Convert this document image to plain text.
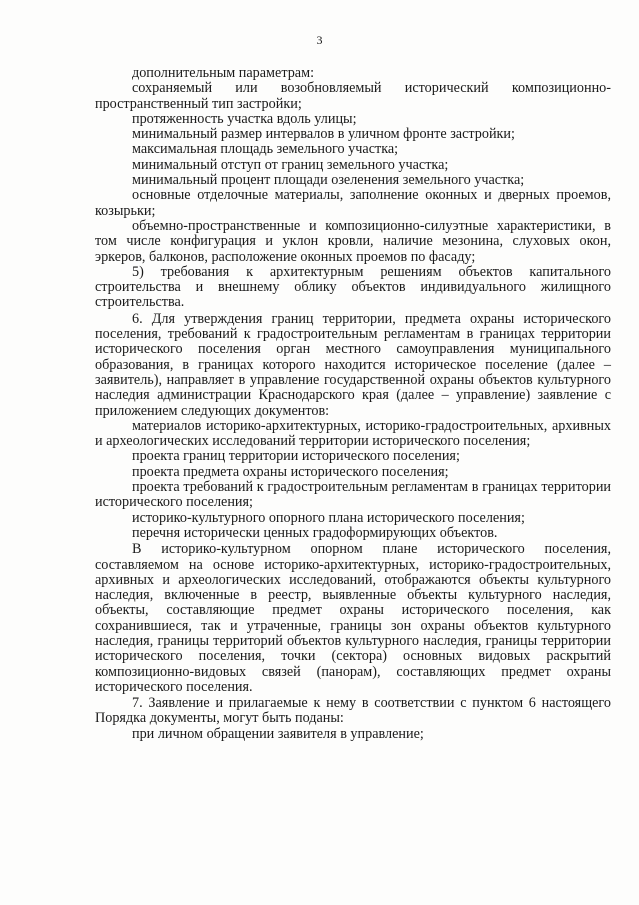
3

дополнительным параметрам:

сохраняемый или возобновляемый исторический композиционно-пространственный тип застройки;

протяженность участка вдоль улицы;

минимальный размер интервалов в уличном фронте застройки;

максимальная площадь земельного участка;

минимальный отступ от границ земельного участка;

минимальный процент площади озеленения земельного участка;

основные отделочные материалы, заполнение оконных и дверных проемов, козырьки;

объемно-пространственные и композиционно-силуэтные характеристики, в том числе конфигурация и уклон кровли, наличие мезонина, слуховых окон, эркеров, балконов, расположение оконных проемов по фасаду;

5) требования к архитектурным решениям объектов капитального строительства и внешнему облику объектов индивидуального жилищного строительства.

6. Для утверждения границ территории, предмета охраны исторического поселения, требований к градостроительным регламентам в границах территории исторического поселения орган местного самоуправления муниципального образования, в границах которого находится историческое поселение (далее – заявитель), направляет в управление государственной охраны объектов культурного наследия администрации Краснодарского края (далее – управление) заявление с приложением следующих документов:

материалов историко-архитектурных, историко-градостроительных, архивных и археологических исследований территории исторического поселения;

проекта границ территории исторического поселения;

проекта предмета охраны исторического поселения;

проекта требований к градостроительным регламентам в границах территории исторического поселения;

историко-культурного опорного плана исторического поселения;

перечня исторически ценных градоформирующих объектов.

В историко-культурном опорном плане исторического поселения, составляемом на основе историко-архитектурных, историко-градостроительных, архивных и археологических исследований, отображаются объекты культурного наследия, включенные в реестр, выявленные объекты культурного наследия, объекты, составляющие предмет охраны исторического поселения, как сохранившиеся, так и утраченные, границы зон охраны объектов культурного наследия, границы территорий объектов культурного наследия, границы территории исторического поселения, точки (сектора) основных видовых раскрытий композиционно-видовых связей (панорам), составляющих предмет охраны исторического поселения.

7. Заявление и прилагаемые к нему в соответствии с пунктом 6 настоящего Порядка документы, могут быть поданы:

при личном обращении заявителя в управление;
